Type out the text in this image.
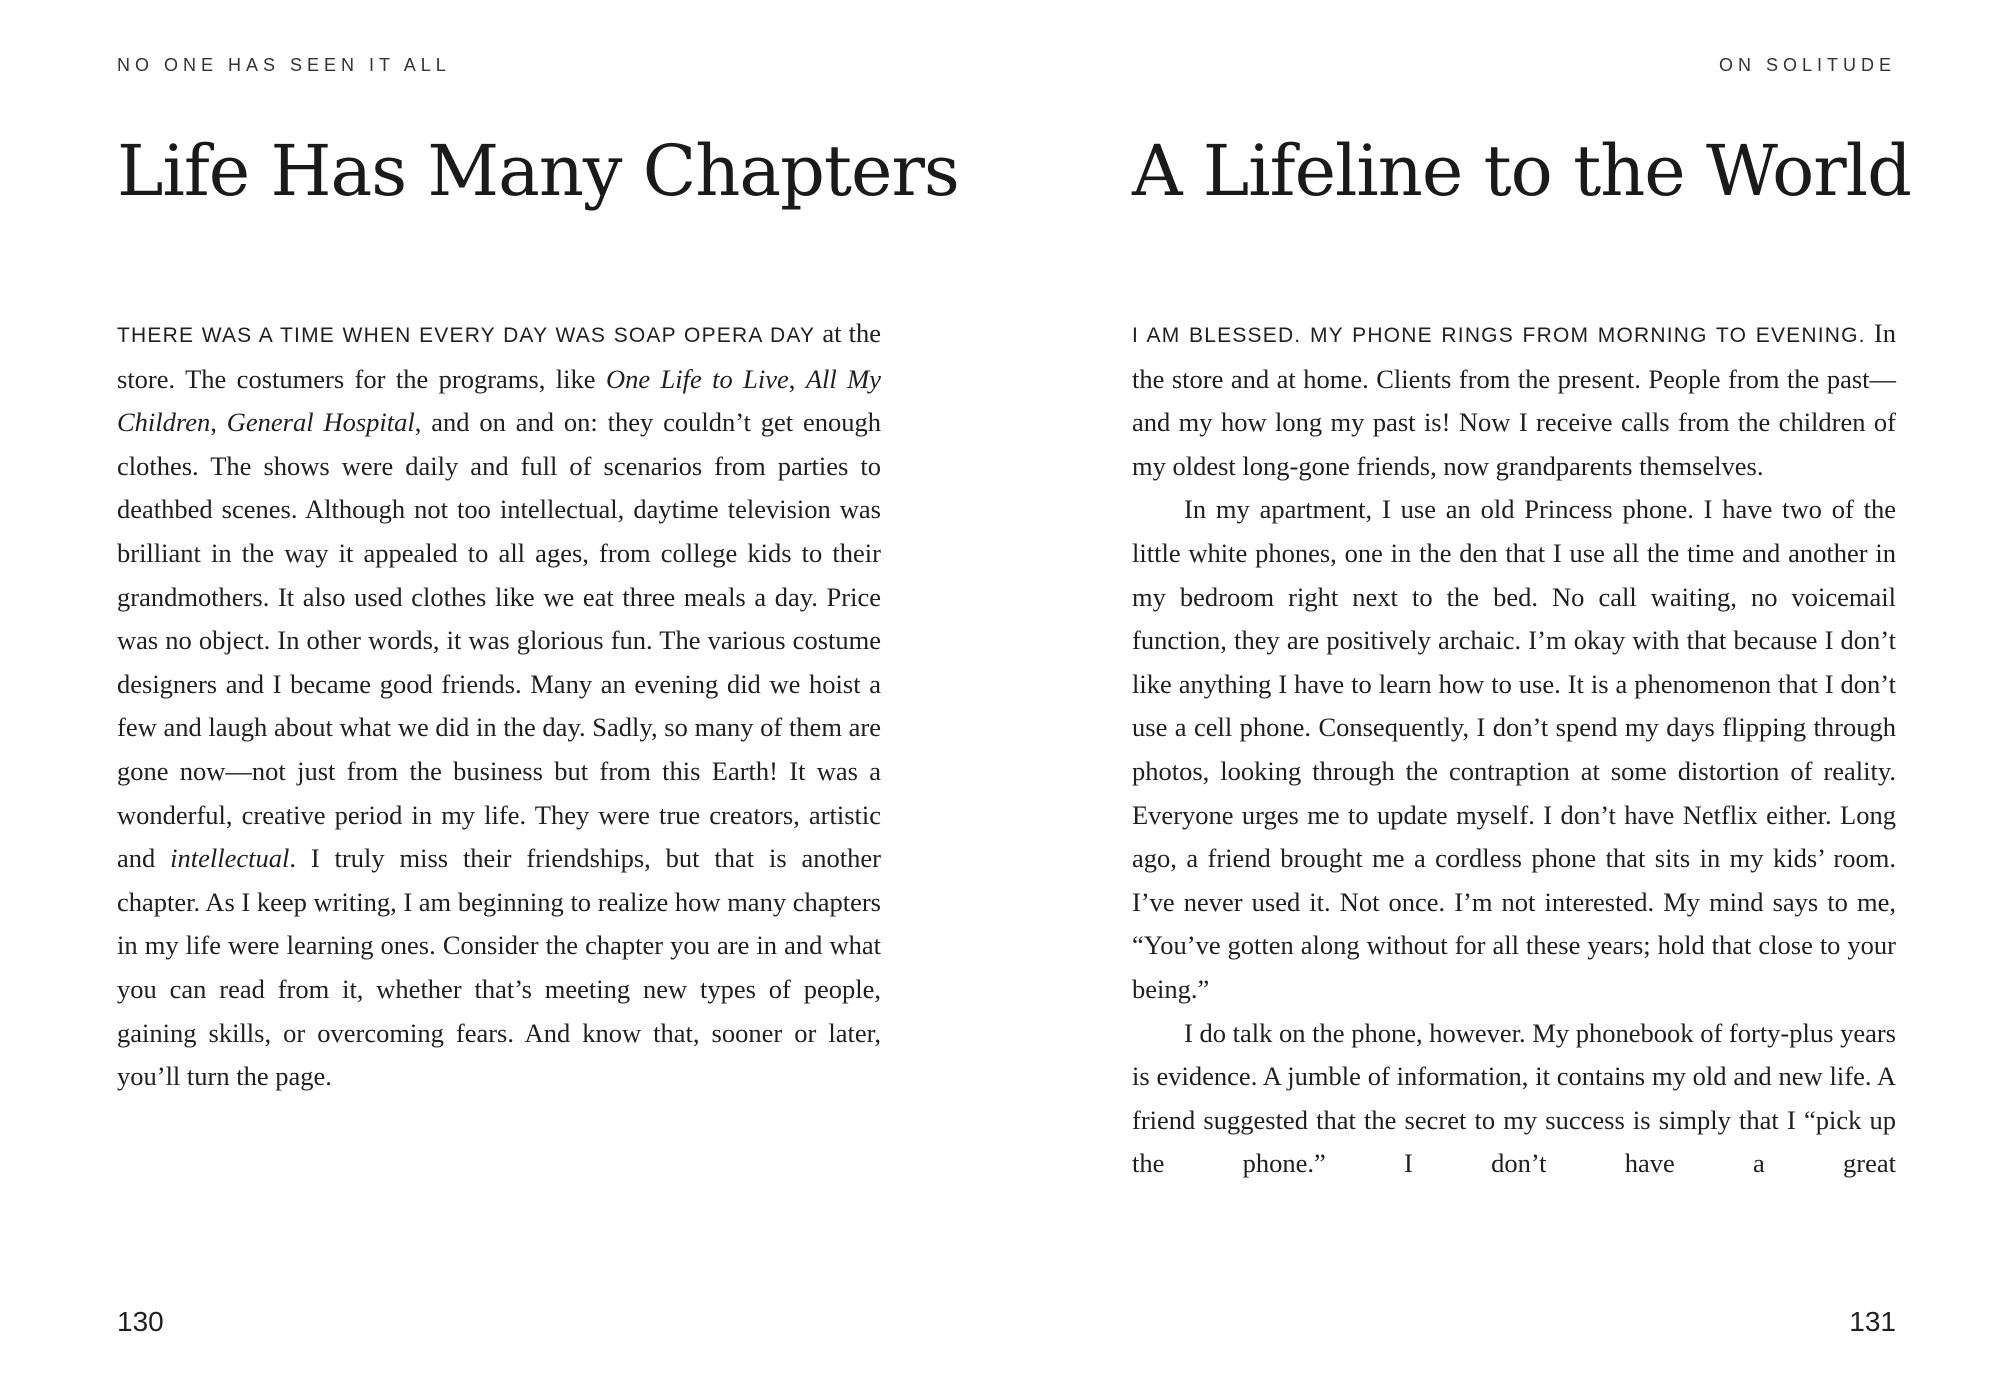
NO ONE HAS SEEN IT ALL
Life Has Many Chapters

THERE WAS A TIME WHEN EVERY DAY WAS SOAP OPERA DAY at the store. The costumers for the programs, like One Life to Live, All My Children, General Hospital, and on and on: they couldn’t get enough clothes. The shows were daily and full of scenarios from parties to deathbed scenes. Although not too intellectual, daytime television was brilliant in the way it appealed to all ages, from college kids to their grandmothers. It also used clothes like we eat three meals a day. Price was no object. In other words, it was glorious fun. The various costume designers and I became good friends. Many an evening did we hoist a few and laugh about what we did in the day. Sadly, so many of them are gone now—not just from the business but from this Earth! It was a wonderful, creative period in my life. They were true creators, artistic and intellectual. I truly miss their friendships, but that is another chapter. As I keep writing, I am beginning to realize how many chapters in my life were learning ones. Consider the chapter you are in and what you can read from it, whether that’s meeting new types of people, gaining skills, or overcoming fears. And know that, sooner or later, you’ll turn the page.

130
ON SOLITUDE
A Lifeline to the World

I AM BLESSED. MY PHONE RINGS FROM MORNING TO EVENING. In the store and at home. Clients from the present. People from the past—and my how long my past is! Now I receive calls from the children of my oldest long-gone friends, now grandparents themselves.

In my apartment, I use an old Princess phone. I have two of the little white phones, one in the den that I use all the time and another in my bedroom right next to the bed. No call waiting, no voicemail function, they are positively archaic. I’m okay with that because I don’t like anything I have to learn how to use. It is a phenomenon that I don’t use a cell phone. Consequently, I don’t spend my days flipping through photos, looking through the contraption at some distortion of reality. Everyone urges me to update myself. I don’t have Netflix either. Long ago, a friend brought me a cordless phone that sits in my kids’ room. I’ve never used it. Not once. I’m not interested. My mind says to me, “You’ve gotten along without for all these years; hold that close to your being.”

I do talk on the phone, however. My phonebook of forty-plus years is evidence. A jumble of information, it contains my old and new life. A friend suggested that the secret to my success is simply that I “pick up the phone.” I don’t have a great

131
